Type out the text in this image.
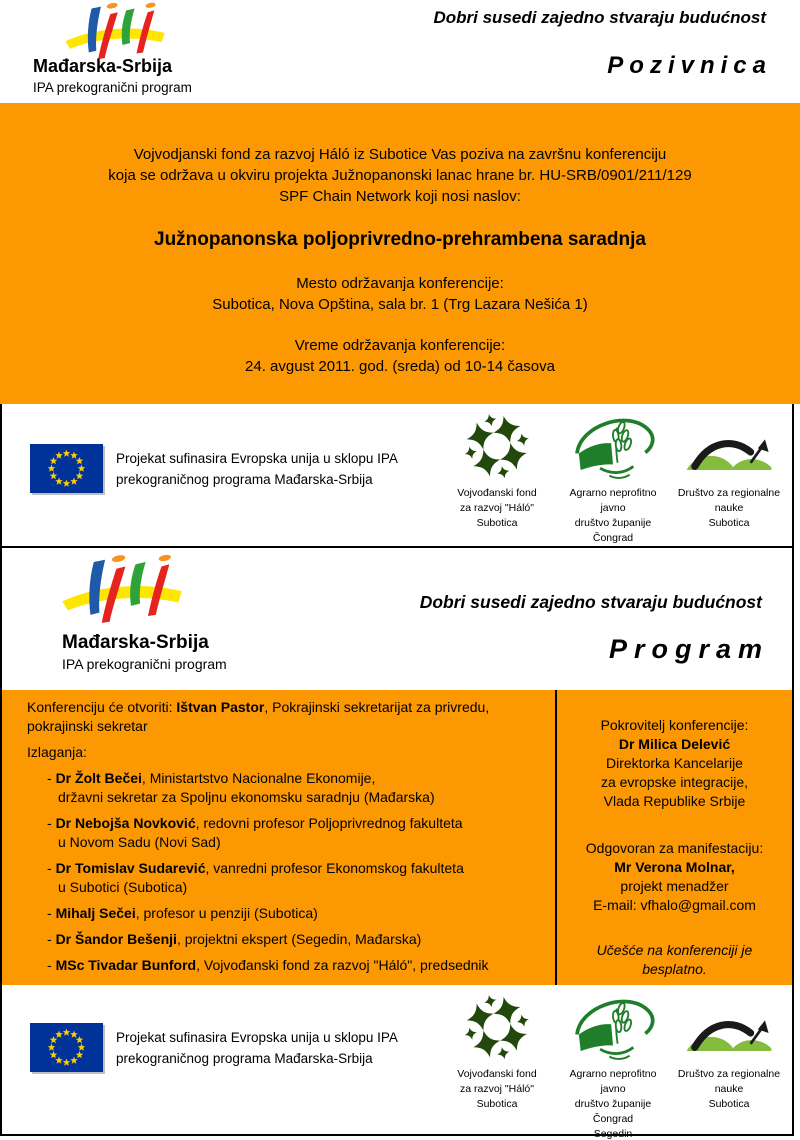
Mađarska-Srbija
IPA prekogranični program
Dobri susedi zajedno stvaraju budućnost
Pozivnica
Vojvodjanski fond za razvoj Háló iz Subotice Vas poziva na završnu konferenciju
koja se održava u okviru projekta Južnopanonski lanac hrane br. HU-SRB/0901/211/129
SPF Chain Network koji nosi naslov:
Južnopanonska poljoprivredno-prehrambena saradnja
Mesto održavanja konferencije:
Subotica, Nova Opština, sala br. 1 (Trg Lazara Nešića 1)
Vreme održavanja konferencije:
24. avgust 2011. god. (sreda) od 10-14 časova
Projekat sufinasira Evropska unija u sklopu IPA
prekograničnog programa Mađarska-Srbija
Vojvođanski fond
za razvoj "Háló"
Subotica
Agrarno neprofitno javno
društvo županije Čongrad
Društvo za regionalne
nauke
Subotica
Mađarska-Srbija
IPA prekogranični program
Dobri susedi zajedno stvaraju budućnost
Program
Konferenciju će otvoriti: Ištvan Pastor, Pokrajinski sekretarijat za privredu, pokrajinski sekretar
Izlaganja:
- Dr Žolt Bečei, Ministartstvo Nacionalne Ekonomije,
državni sekretar za Spoljnu ekonomsku saradnju (Mađarska)
- Dr Nebojša Novković, redovni profesor Poljoprivrednog fakulteta
u Novom Sadu (Novi Sad)
- Dr Tomislav Sudarević, vanredni profesor Ekonomskog fakulteta
u Subotici (Subotica)
- Mihalj Sečei, profesor u penziji (Subotica)
- Dr Šandor Bešenji, projektni ekspert (Segedin, Mađarska)
- MSc Tivadar Bunford, Vojvođanski fond za razvoj "Háló", predsednik
Pokrovitelj konferencije:
Dr Milica Delević
Direktorka Kancelarije
za evropske integracije,
Vlada Republike Srbije
Odgovoran za manifestaciju:
Mr Verona Molnar,
projekt menadžer
E-mail: vfhalo@gmail.com
Učešće na konferenciji je
besplatno.
Projekat sufinasira Evropska unija u sklopu IPA
prekograničnog programa Mađarska-Srbija
Vojvođanski fond
za razvoj "Háló"
Subotica
Agrarno neprofitno javno
društvo županije Čongrad
Segedin
Društvo za regionalne
nauke
Subotica
